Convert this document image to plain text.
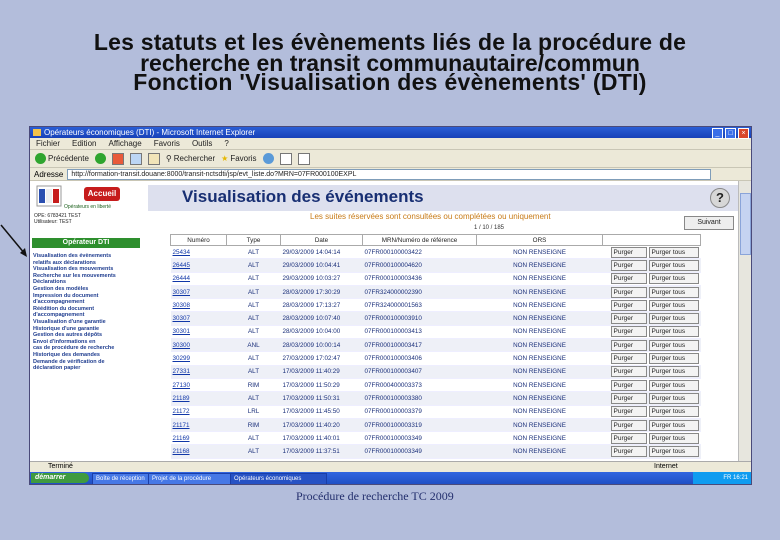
Les statuts et les évènements liés de la procédure de
recherche en transit communautaire/commun
Fonction 'Visualisation des évènements' (DTI)
Opérateurs économiques (DTI) - Microsoft Internet Explorer	_	□	×
Fichier Edition Affichage Favoris Outils ?
Précédente	⚲ Rechercher ★ Favoris
Adresse	http://formation-transit.douane:8000/transit-nctsdti/jsp/evt_liste.do?MRN=07FR000100EXPL
Accueil
Opérateurs en liberté
OPE: 6783421 TEST
Utilisateur: TEST
Opérateur DTI
Visualisation des évènements
relatifs aux déclarations
Visualisation des mouvements
Recherche sur les mouvements
Déclarations
Gestion des modèles
Impression du document
d'accompagnement
Réédition du document
d'accompagnement
Visualisation d'une garantie
Historique d'une garantie
Gestion des autres dépôts
Envoi d'informations en
cas de procédure de recherche
Historique des demandes
Demande de vérification de
déclaration papier
Visualisation des événements	?
Les suites réservées sont consultées ou complétées ou uniquement
Suivant
1 / 10 / 185
Numéro	Type	Date	MRN/Numéro de référence	ORS	
25434	ALT	29/03/2009 14:04:14	07FR000100003422	NON RENSEIGNE	Purger Purger tous
26445	ALT	29/03/2009 10:04:41	07FR000100004620	NON RENSEIGNE	Purger Purger tous
26444	ALT	29/03/2009 10:03:27	07FR000100003436	NON RENSEIGNE	Purger Purger tous
30307	ALT	28/03/2009 17:30:29	07FR324000002390	NON RENSEIGNE	Purger Purger tous
30308	ALT	28/03/2009 17:13:27	07FR324000001563	NON RENSEIGNE	Purger Purger tous
30307	ALT	28/03/2009 10:07:40	07FR000100003910	NON RENSEIGNE	Purger Purger tous
30301	ALT	28/03/2009 10:04:00	07FR000100003413	NON RENSEIGNE	Purger Purger tous
30300	ANL	28/03/2009 10:00:14	07FR000100003417	NON RENSEIGNE	Purger Purger tous
30299	ALT	27/03/2009 17:02:47	07FR000100003406	NON RENSEIGNE	Purger Purger tous
27331	ALT	17/03/2009 11:40:29	07FR000100003407	NON RENSEIGNE	Purger Purger tous
27130	RIM	17/03/2009 11:50:29	07FR000400003373	NON RENSEIGNE	Purger Purger tous
21189	ALT	17/03/2009 11:50:31	07FR000100003380	NON RENSEIGNE	Purger Purger tous
21172	LRL	17/03/2009 11:45:50	07FR000100003379	NON RENSEIGNE	Purger Purger tous
21171	RIM	17/03/2009 11:40:20	07FR000100003319	NON RENSEIGNE	Purger Purger tous
21169	ALT	17/03/2009 11:40:01	07FR000100003349	NON RENSEIGNE	Purger Purger tous
21168	ALT	17/03/2009 11:37:51	07FR000100003349	NON RENSEIGNE	Purger Purger tous
Terminé	Internet
démarrer	Boîte de réception	Projet de la procédure	Opérateurs économiques	FR 16:21
Procédure de recherche TC 2009
